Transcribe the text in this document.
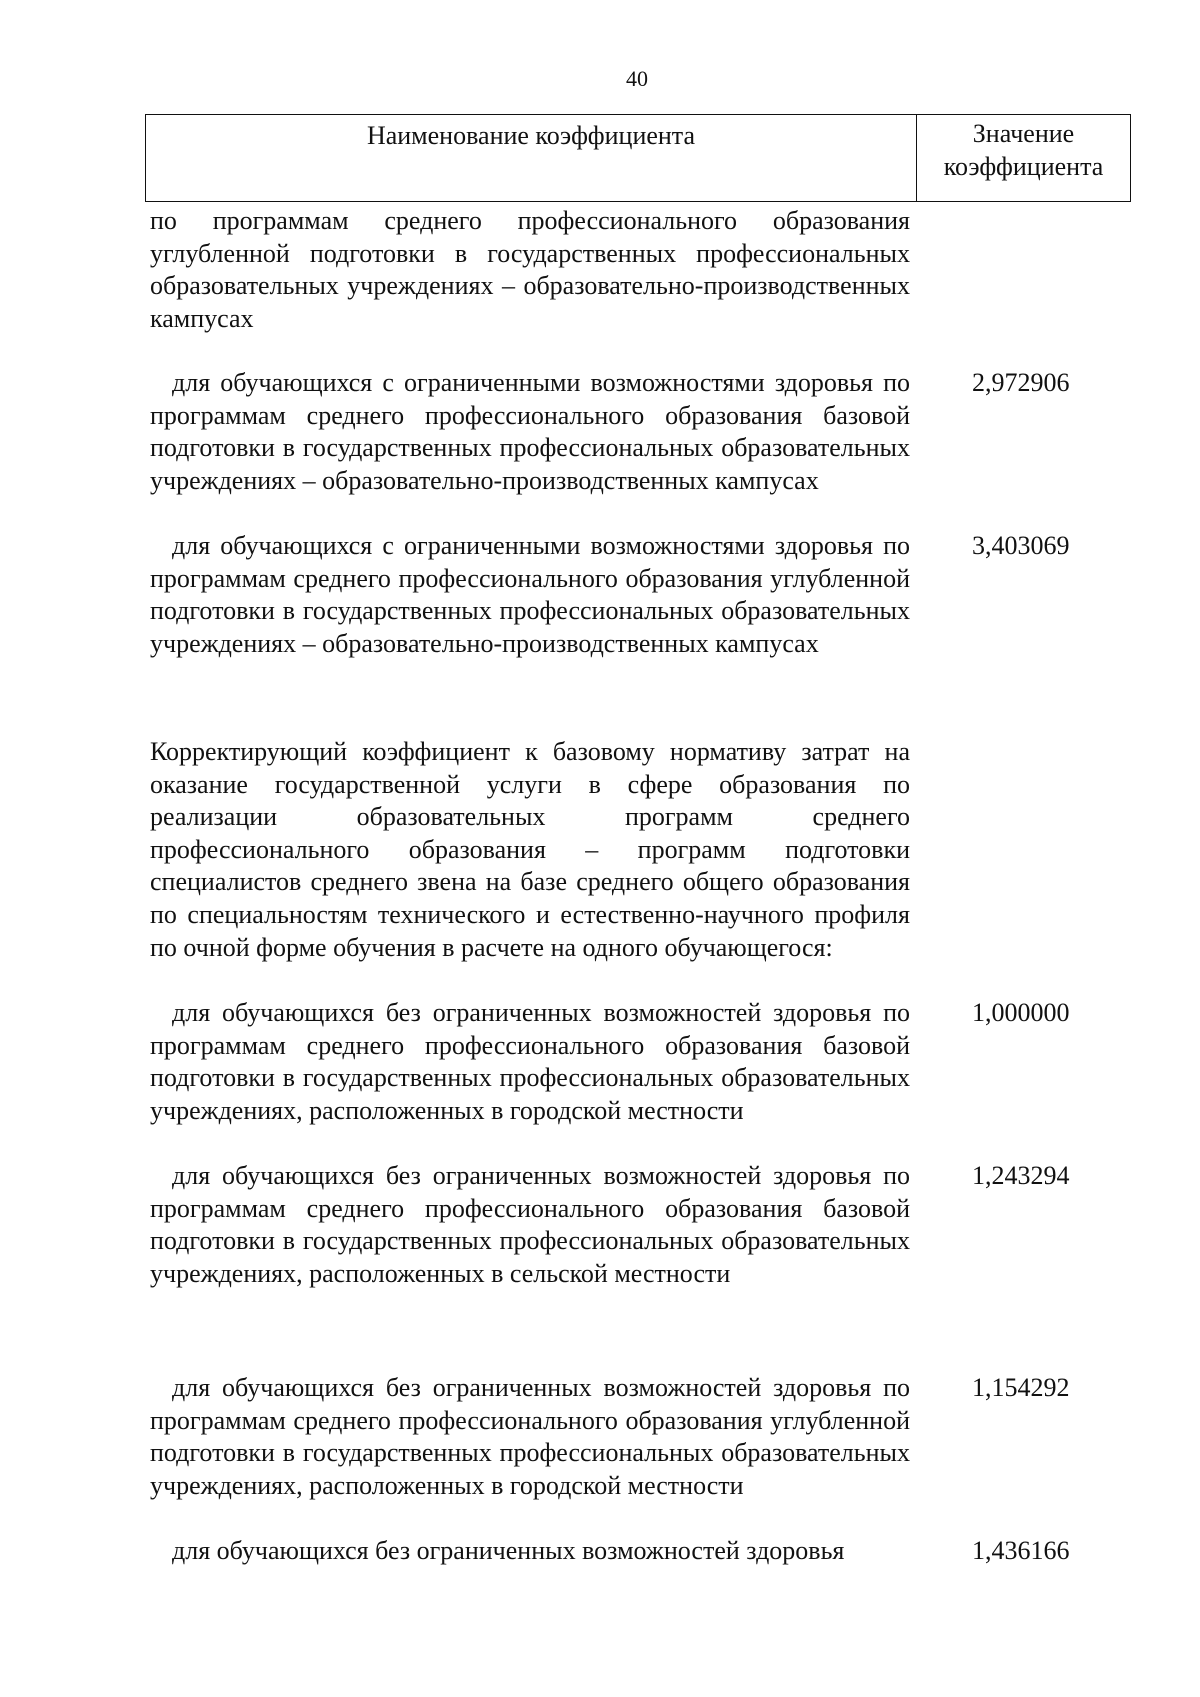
40
Наименование коэффициента	Значение
коэффициента
по программам среднего профессионального образования углубленной подготовки в государственных профессиональных образовательных учреждениях – образовательно-производственных кампусах
для обучающихся с ограниченными возможностями здоровья по программам среднего профессионального образования базовой подготовки в государственных профессиональных образовательных учреждениях – образовательно-производственных кампусах
2,972906
для обучающихся с ограниченными возможностями здоровья по программам среднего профессионального образования углубленной подготовки в государственных профессиональных образовательных учреждениях – образовательно-производственных кампусах
3,403069
Корректирующий коэффициент к базовому нормативу затрат на оказание государственной услуги в сфере образования по реализации образовательных программ среднего профессионального образования – программ подготовки специалистов среднего звена на базе среднего общего образования по специальностям технического и естественно-научного профиля по очной форме обучения в расчете на одного обучающегося:
для обучающихся без ограниченных возможностей здоровья по программам среднего профессионального образования базовой подготовки в государственных профессиональных образовательных учреждениях, расположенных в городской местности
1,000000
для обучающихся без ограниченных возможностей здоровья по программам среднего профессионального образования базовой подготовки в государственных профессиональных образовательных учреждениях, расположенных в сельской местности
1,243294
для обучающихся без ограниченных возможностей здоровья по программам среднего профессионального образования углубленной подготовки в государственных профессиональных образовательных учреждениях, расположенных в городской местности
1,154292
для обучающихся без ограниченных возможностей здоровья	1,436166
